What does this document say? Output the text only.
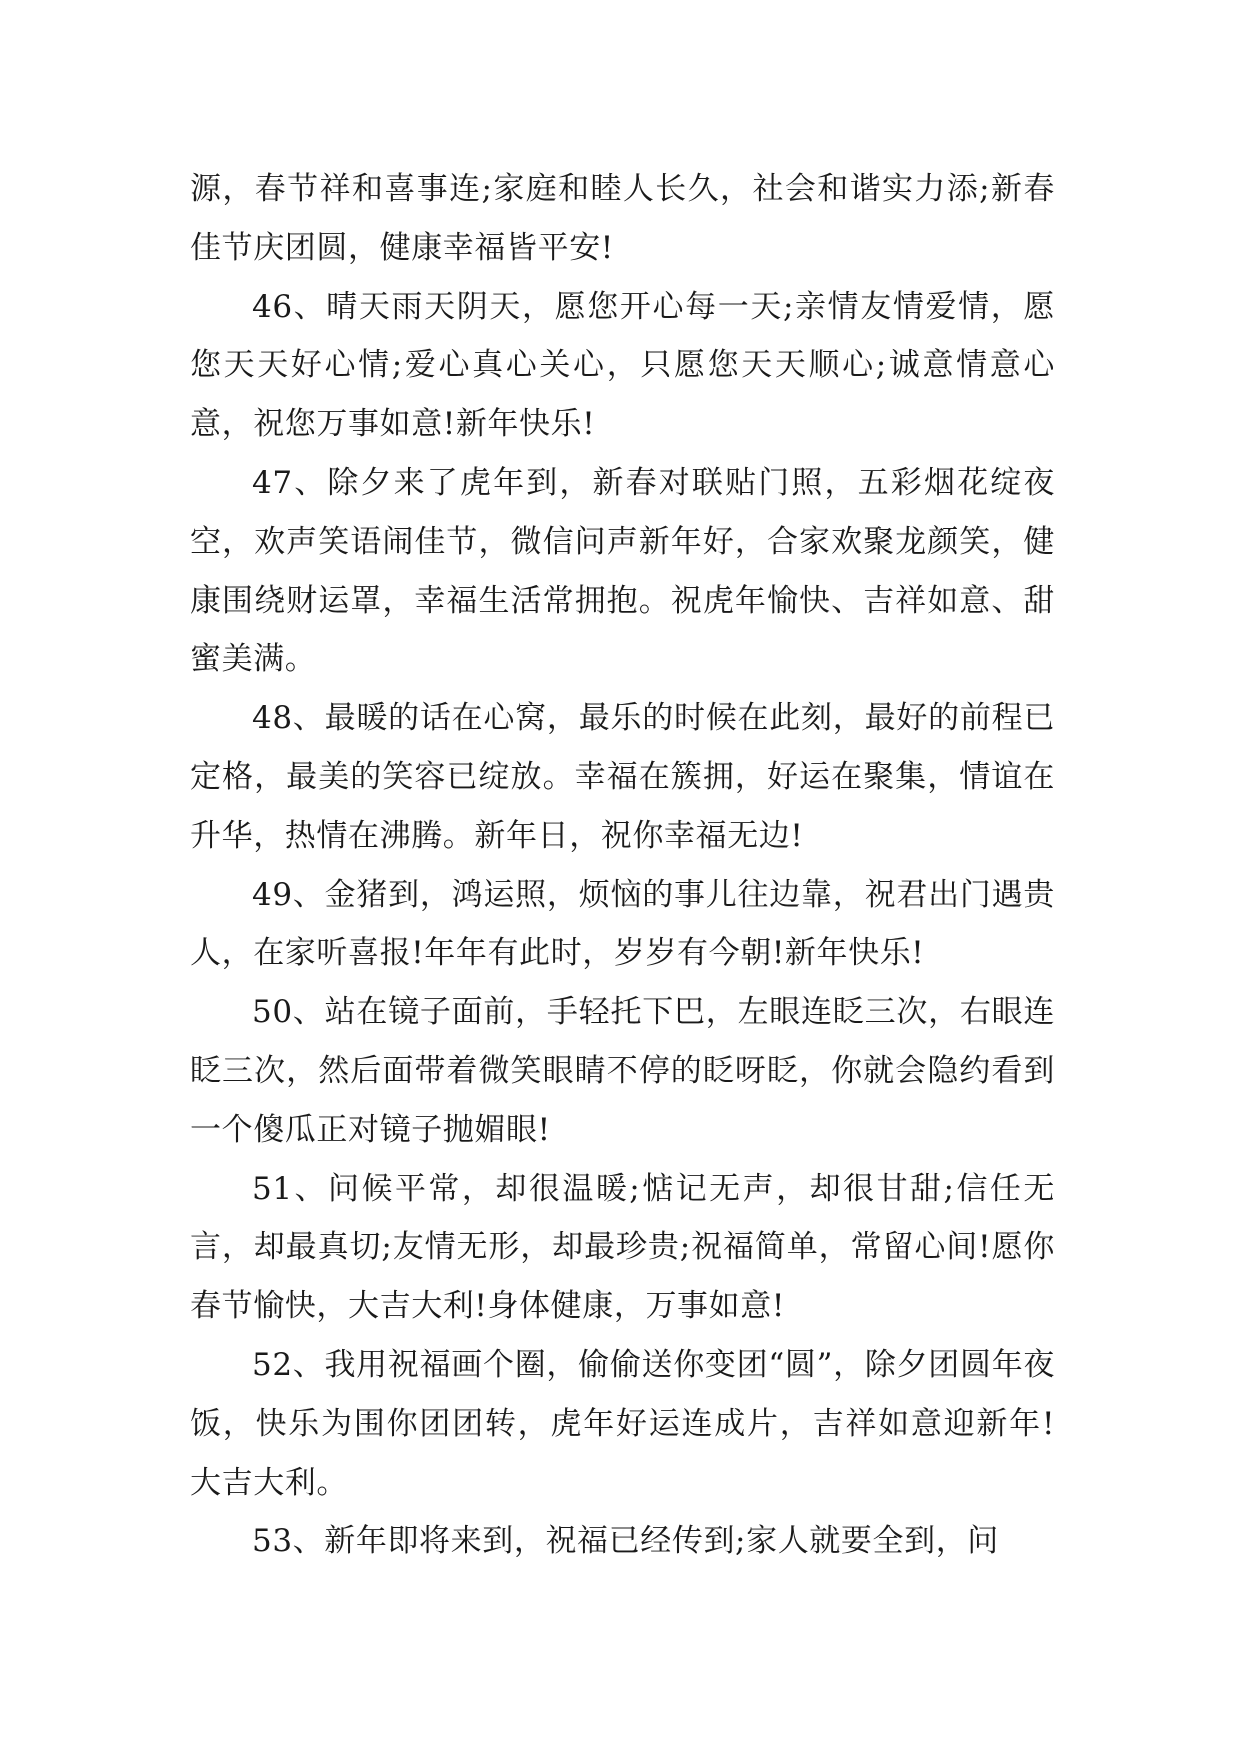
源，春节祥和喜事连;家庭和睦人长久，社会和谐实力添;新春佳节庆团圆，健康幸福皆平安!

46、晴天雨天阴天，愿您开心每一天;亲情友情爱情，愿您天天好心情;爱心真心关心，只愿您天天顺心;诚意情意心意，祝您万事如意!新年快乐!

47、除夕来了虎年到，新春对联贴门照，五彩烟花绽夜空，欢声笑语闹佳节，微信问声新年好，合家欢聚龙颜笑，健康围绕财运罩，幸福生活常拥抱。祝虎年愉快、吉祥如意、甜蜜美满。

48、最暖的话在心窝，最乐的时候在此刻，最好的前程已定格，最美的笑容已绽放。幸福在簇拥，好运在聚集，情谊在升华，热情在沸腾。新年日，祝你幸福无边!

49、金猪到，鸿运照，烦恼的事儿往边靠，祝君出门遇贵人，在家听喜报!年年有此时，岁岁有今朝!新年快乐!

50、站在镜子面前，手轻托下巴，左眼连眨三次，右眼连眨三次，然后面带着微笑眼睛不停的眨呀眨，你就会隐约看到一个傻瓜正对镜子抛媚眼!

51、问候平常，却很温暖;惦记无声，却很甘甜;信任无言，却最真切;友情无形，却最珍贵;祝福简单，常留心间!愿你春节愉快，大吉大利!身体健康，万事如意!

52、我用祝福画个圈，偷偷送你变团“圆”，除夕团圆年夜饭，快乐为围你团团转，虎年好运连成片，吉祥如意迎新年!大吉大利。

53、新年即将来到，祝福已经传到;家人就要全到，问
